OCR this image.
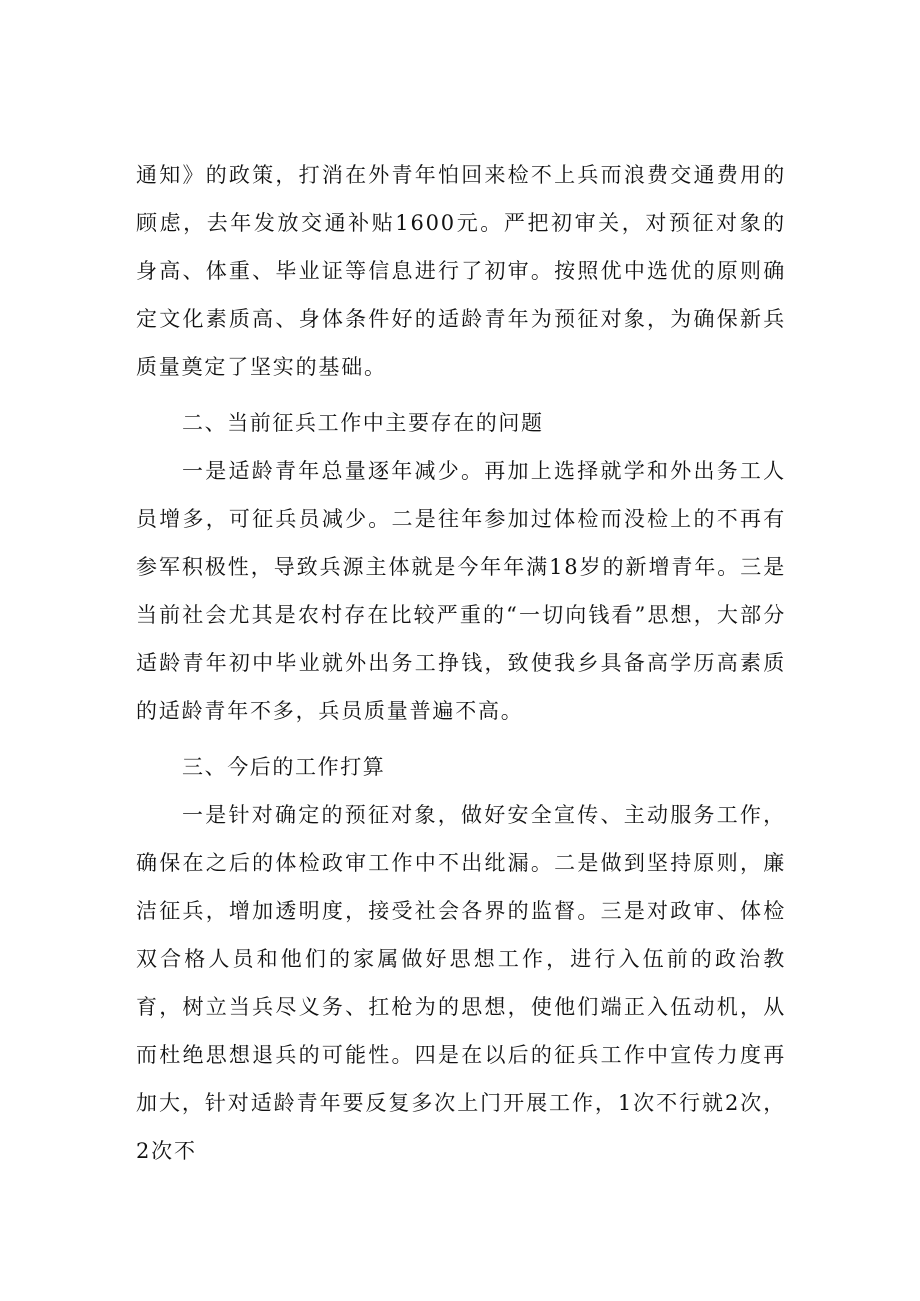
通知》的政策，打消在外青年怕回来检不上兵而浪费交通费用的顾虑，去年发放交通补贴1600元。严把初审关，对预征对象的身高、体重、毕业证等信息进行了初审。按照优中选优的原则确定文化素质高、身体条件好的适龄青年为预征对象，为确保新兵质量奠定了坚实的基础。

二、当前征兵工作中主要存在的问题

一是适龄青年总量逐年减少。再加上选择就学和外出务工人员增多，可征兵员减少。二是往年参加过体检而没检上的不再有参军积极性，导致兵源主体就是今年年满18岁的新增青年。三是当前社会尤其是农村存在比较严重的“一切向钱看”思想，大部分适龄青年初中毕业就外出务工挣钱，致使我乡具备高学历高素质的适龄青年不多，兵员质量普遍不高。

三、今后的工作打算

一是针对确定的预征对象，做好安全宣传、主动服务工作，确保在之后的体检政审工作中不出纰漏。二是做到坚持原则，廉洁征兵，增加透明度，接受社会各界的监督。三是对政审、体检双合格人员和他们的家属做好思想工作，进行入伍前的政治教育，树立当兵尽义务、扛枪为的思想，使他们端正入伍动机，从而杜绝思想退兵的可能性。四是在以后的征兵工作中宣传力度再加大，针对适龄青年要反复多次上门开展工作，1次不行就2次，2次不
